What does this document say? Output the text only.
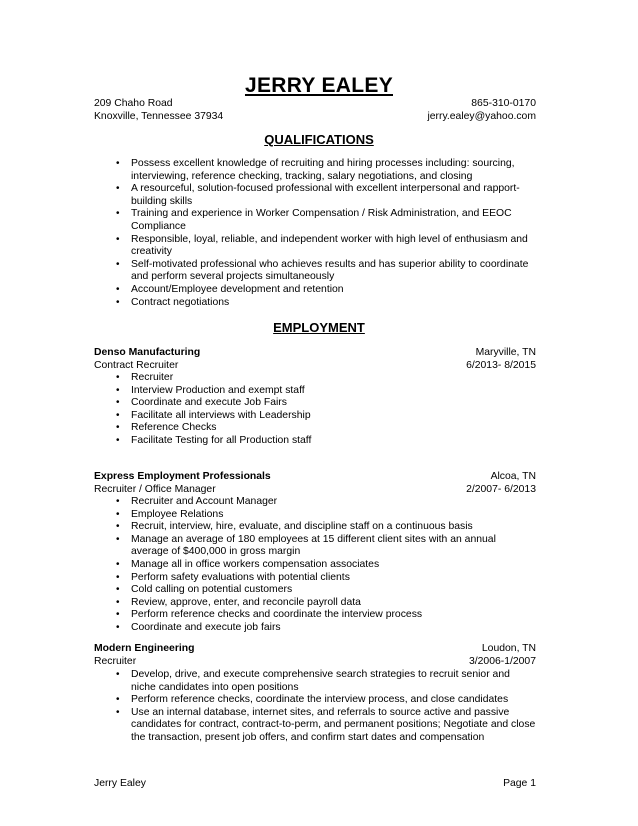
JERRY EALEY
209 Chaho Road	865-310-0170
Knoxville, Tennessee 37934	jerry.ealey@yahoo.com
QUALIFICATIONS
• Possess excellent knowledge of recruiting and hiring processes including: sourcing, interviewing, reference checking, tracking, salary negotiations, and closing
• A resourceful, solution-focused professional with excellent interpersonal and rapport-building skills
• Training and experience in Worker Compensation / Risk Administration, and EEOC Compliance
• Responsible, loyal, reliable, and independent worker with high level of enthusiasm and creativity
• Self-motivated professional who achieves results and has superior ability to coordinate and perform several projects simultaneously
• Account/Employee development and retention
• Contract negotiations
EMPLOYMENT
Denso Manufacturing	Maryville, TN
Contract Recruiter	6/2013- 8/2015
• Recruiter
• Interview Production and exempt staff
• Coordinate and execute Job Fairs
• Facilitate all interviews with Leadership
• Reference Checks
• Facilitate Testing for all Production staff
Express Employment Professionals	Alcoa, TN
Recruiter / Office Manager	2/2007- 6/2013
• Recruiter and Account Manager
• Employee Relations
• Recruit, interview, hire, evaluate, and discipline staff on a continuous basis
• Manage an average of 180 employees at 15 different client sites with an annual average of $400,000 in gross margin
• Manage all in office workers compensation associates
• Perform safety evaluations with potential clients
• Cold calling on potential customers
• Review, approve, enter, and reconcile payroll data
• Perform reference checks and coordinate the interview process
• Coordinate and execute job fairs
Modern Engineering	Loudon, TN
Recruiter	3/2006-1/2007
• Develop, drive, and execute comprehensive search strategies to recruit senior and niche candidates into open positions
• Perform reference checks, coordinate the interview process, and close candidates
• Use an internal database, internet sites, and referrals to source active and passive candidates for contract, contract-to-perm, and permanent positions; Negotiate and close the transaction, present job offers, and confirm start dates and compensation
Jerry Ealey	Page 1
